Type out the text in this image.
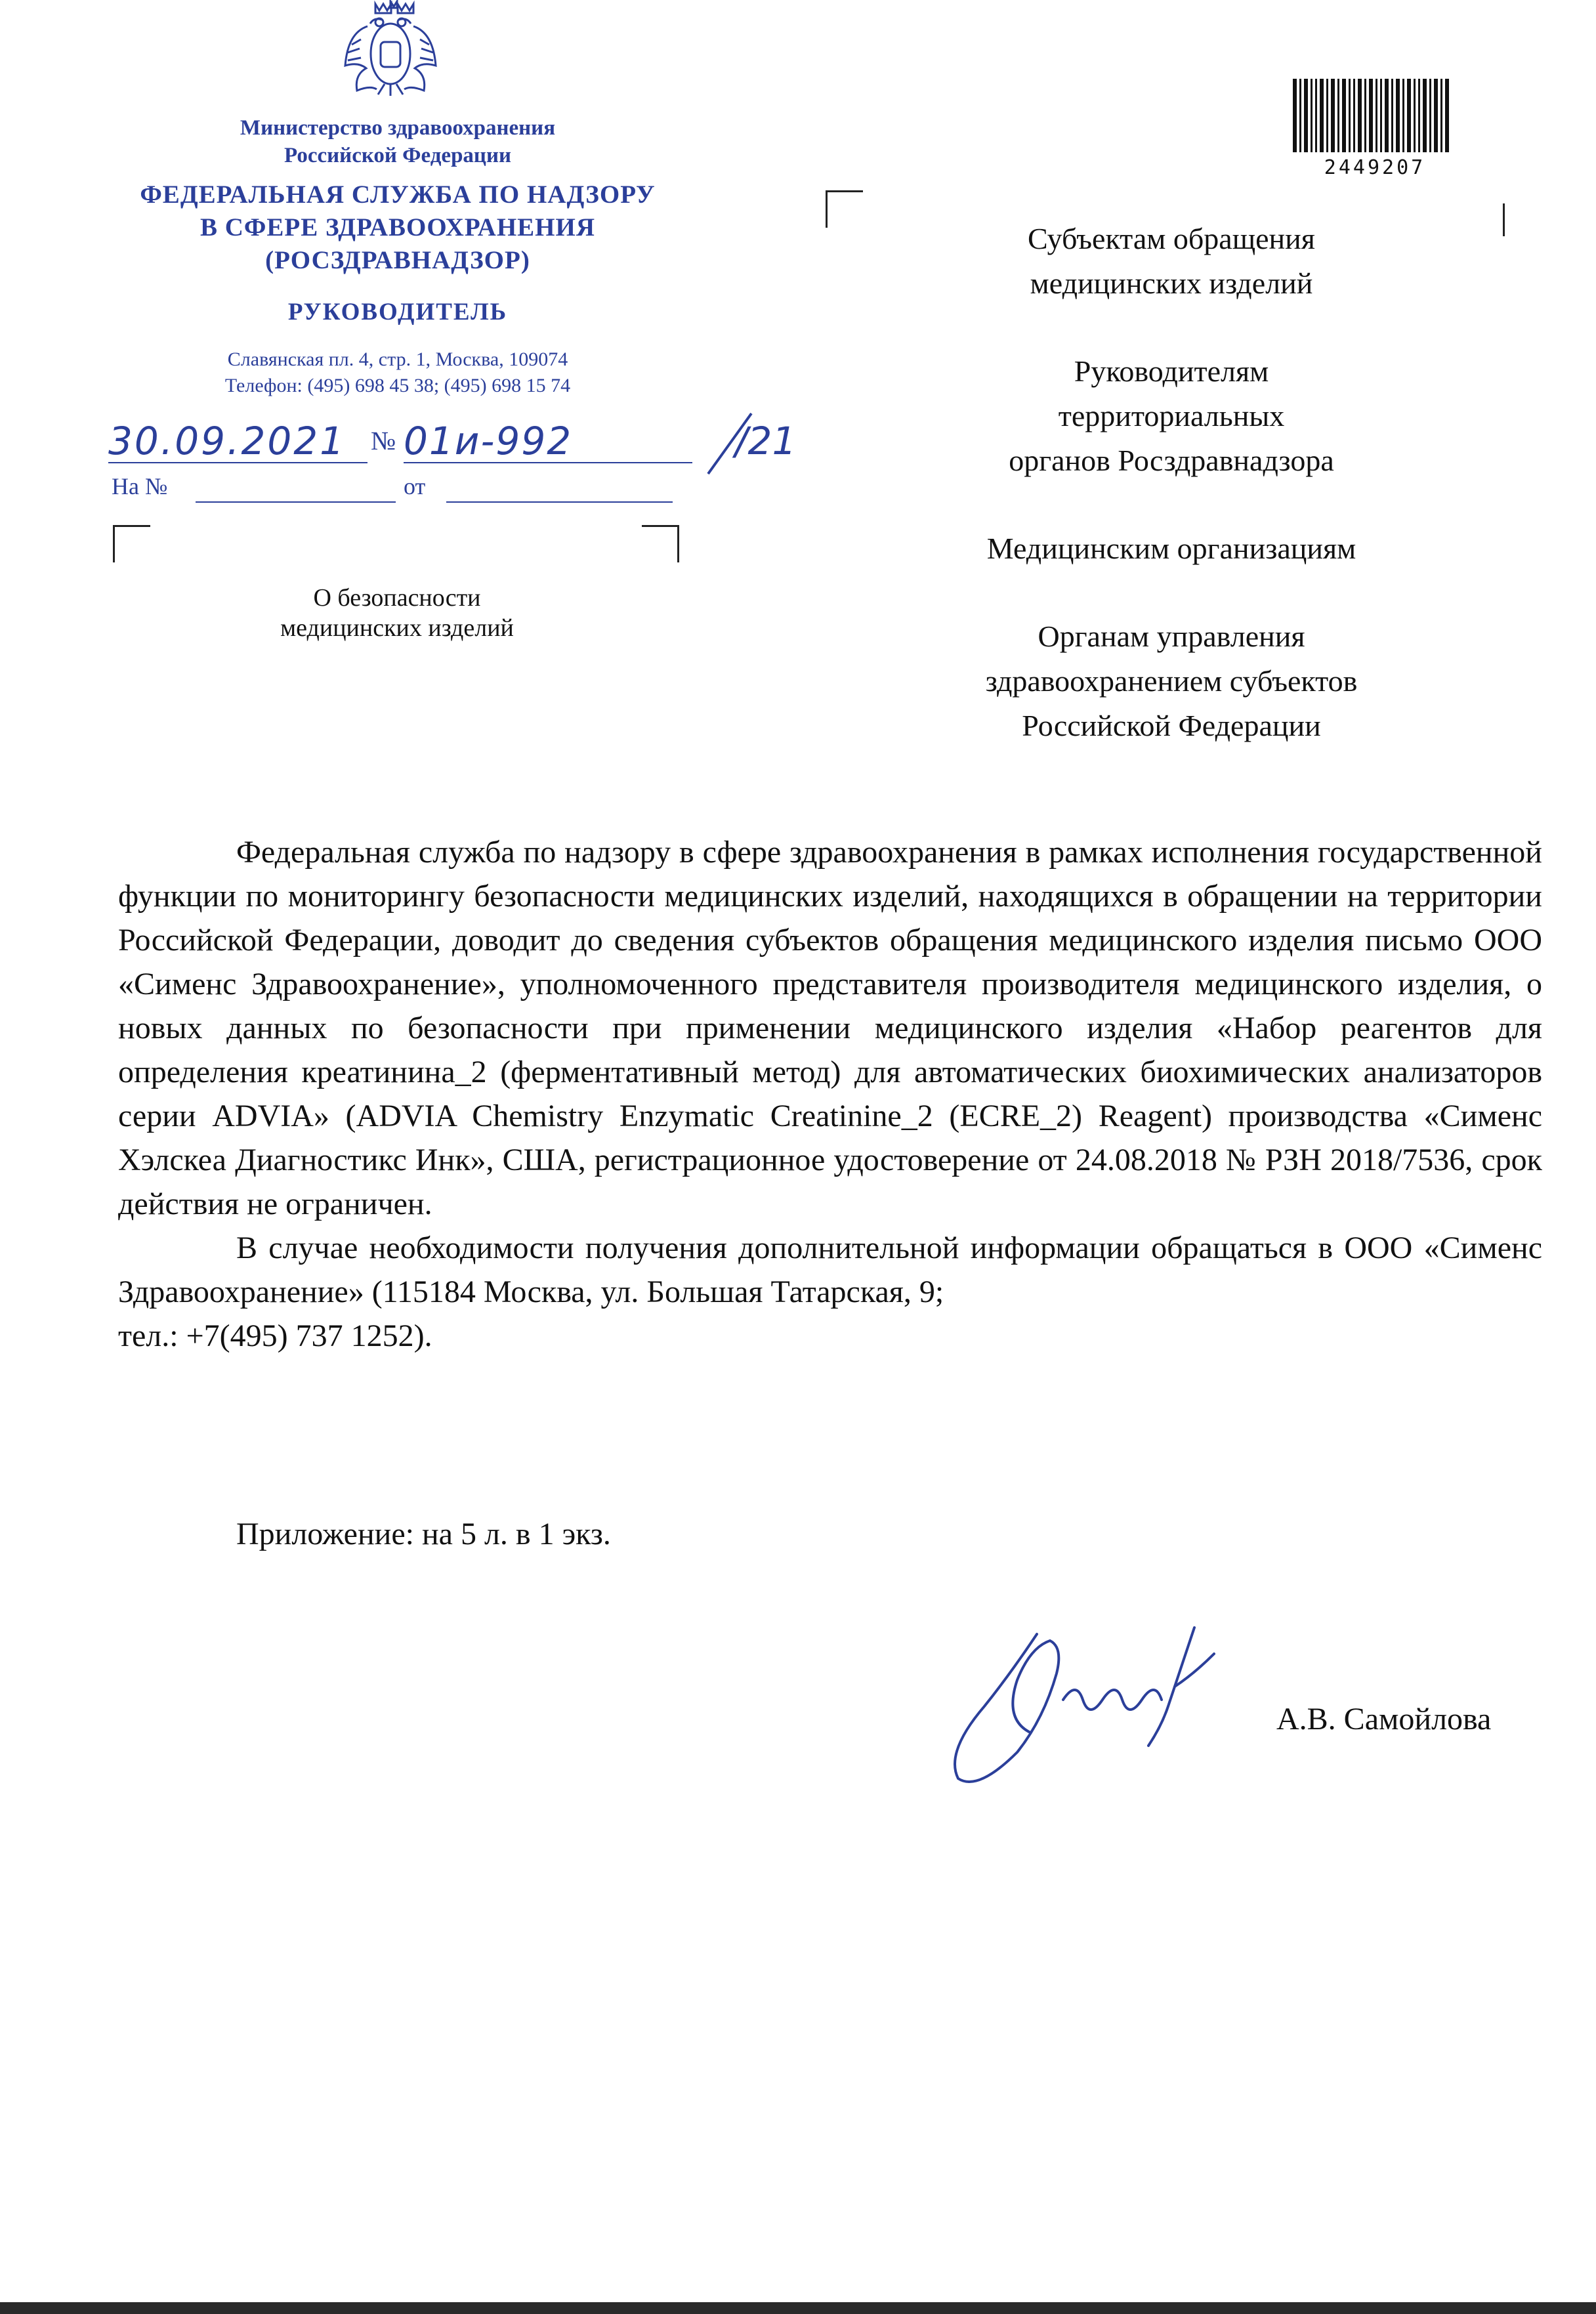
Министерство здравоохранения
Российской Федерации
ФЕДЕРАЛЬНАЯ СЛУЖБА ПО НАДЗОРУ
В СФЕРЕ ЗДРАВООХРАНЕНИЯ
(РОСЗДРАВНАДЗОР)
РУКОВОДИТЕЛЬ
Славянская пл. 4, стр. 1, Москва, 109074
Телефон: (495) 698 45 38; (495) 698 15 74
30.09.2021 № 01и-992	/21
На №	от
О безопасности
медицинских изделий
2449207
Субъектам обращения
медицинских изделий
Руководителям
территориальных
органов Росздравнадзора
Медицинским организациям
Органам управления
здравоохранением субъектов
Российской Федерации

Федеральная служба по надзору в сфере здравоохранения в рамках исполнения государственной функции по мониторингу безопасности медицинских изделий, находящихся в обращении на территории Российской Федерации, доводит до сведения субъектов обращения медицинского изделия письмо ООО «Сименс Здравоохранение», уполномоченного представителя производителя медицинского изделия, о новых данных по безопасности при применении медицинского изделия «Набор реагентов для определения креатинина_2 (ферментативный метод) для автоматических биохимических анализаторов серии ADVIA» (ADVIA Chemistry Enzymatic Creatinine_2 (ECRE_2) Reagent) производства «Сименс Хэлскеа Диагностикс Инк», США, регистрационное удостоверение от 24.08.2018 № РЗН 2018/7536, срок действия не ограничен.

В случае необходимости получения дополнительной информации обращаться в ООО «Сименс Здравоохранение» (115184 Москва, ул. Большая Татарская, 9;

тел.: +7(495) 737 1252).

Приложение: на 5 л. в 1 экз.
А.В. Самойлова
